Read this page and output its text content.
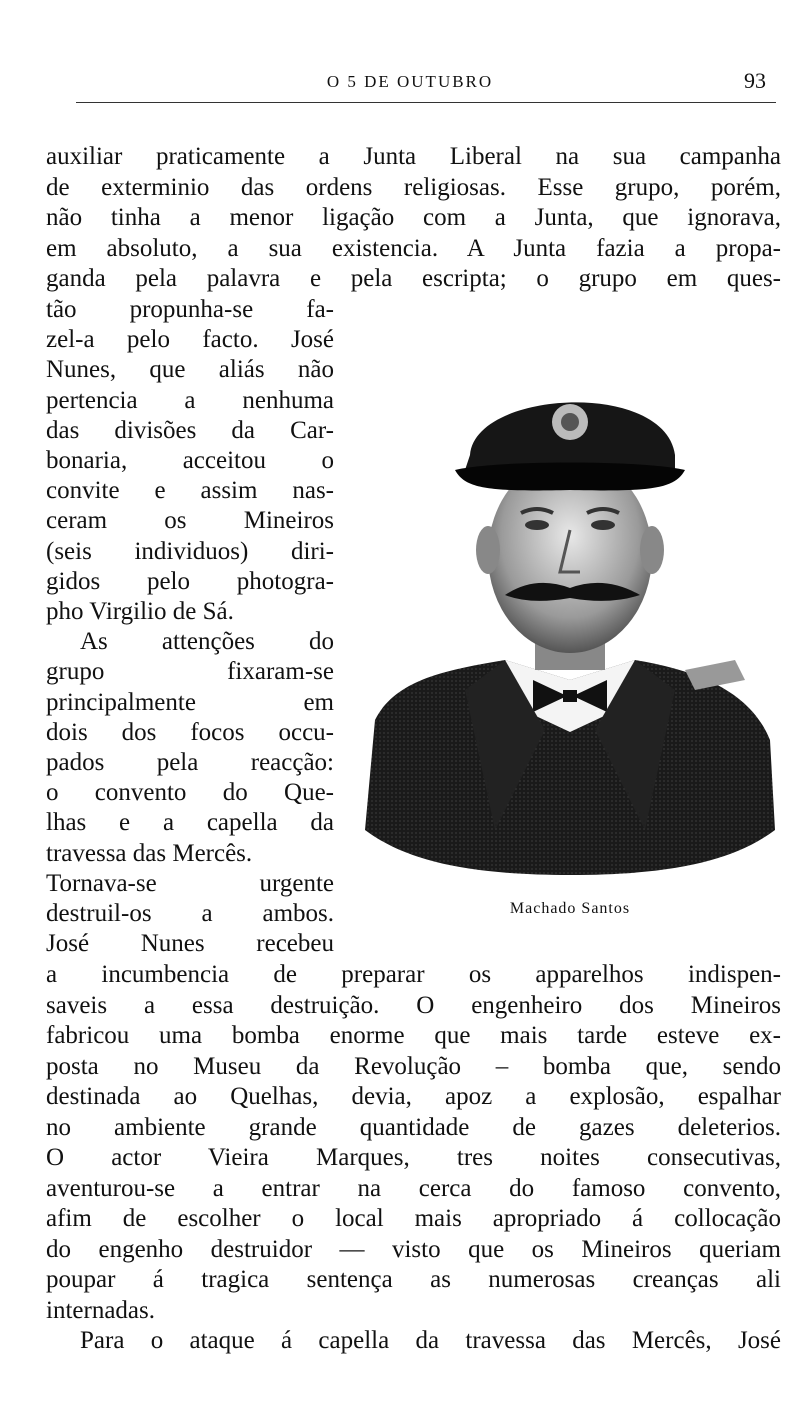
O 5 DE OUTUBRO	93
auxiliar praticamente a Junta Liberal na sua campanha
de exterminio das ordens religiosas. Esse grupo, porém,
não tinha a menor ligação com a Junta, que ignorava,
em absoluto, a sua existencia. A Junta fazia a propa-
ganda pela palavra e pela escripta; o grupo em ques-
tão propunha-se fa-
zel-a pelo facto. José
Nunes, que aliás não
pertencia a nenhuma
das divisões da Car-
bonaria, acceitou o
convite e assim nas-
ceram os Mineiros
(seis individuos) diri-
gidos pelo photogra-
pho Virgilio de Sá.
As attenções do
grupo fixaram-se
principalmente em
dois dos focos occu-
pados pela reacção:
o convento do Que-
lhas e a capella da
travessa das Mercês.
Tornava-se urgente
destruil-os a ambos.
José Nunes recebeu
Machado Santos
a incumbencia de preparar os apparelhos indispen-
saveis a essa destruição. O engenheiro dos Mineiros
fabricou uma bomba enorme que mais tarde esteve ex-
posta no Museu da Revolução – bomba que, sendo
destinada ao Quelhas, devia, apoz a explosão, espalhar
no ambiente grande quantidade de gazes deleterios.
O actor Vieira Marques, tres noites consecutivas,
aventurou-se a entrar na cerca do famoso convento,
afim de escolher o local mais apropriado á collocação
do engenho destruidor — visto que os Mineiros queriam
poupar á tragica sentença as numerosas creanças ali
internadas.
Para o ataque á capella da travessa das Mercês, José
